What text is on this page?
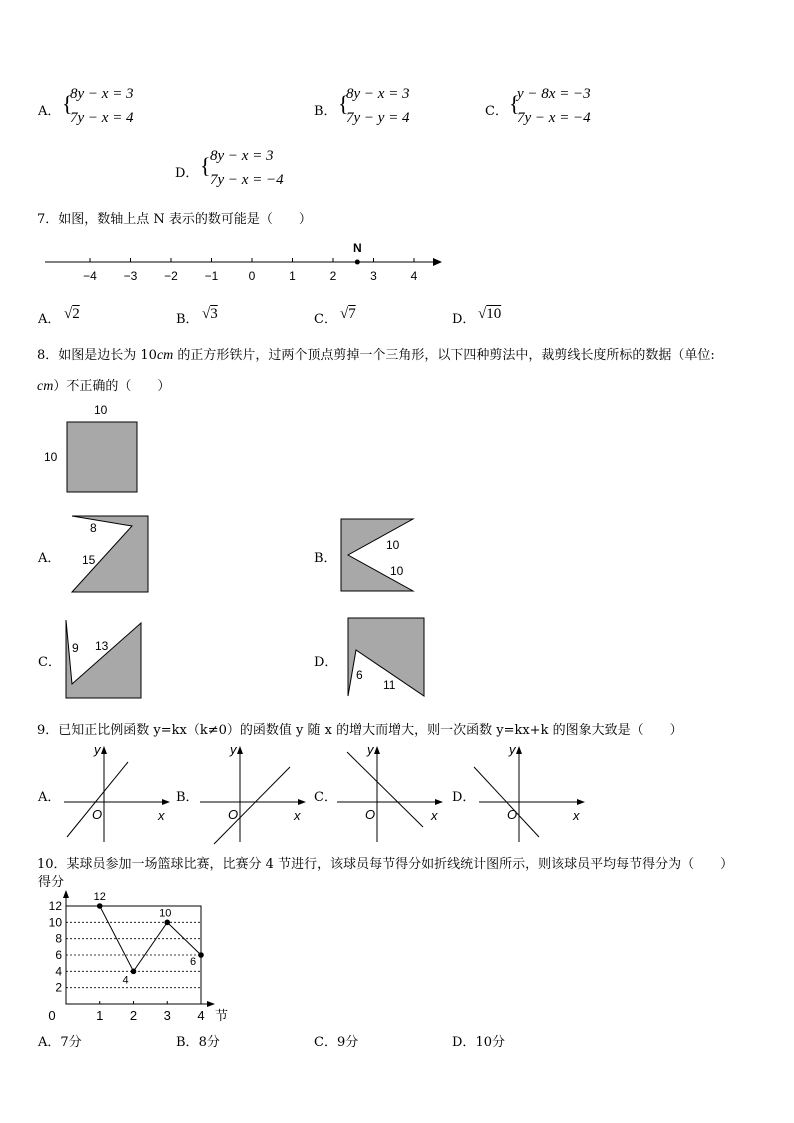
A． {
8y − x = 3
7y − x = 4	B． {
8y − x = 3
7y − y = 4	C． {
y − 8x = −3
7y − x = −4
D． { 8y − x = 3
7y − x = −4
7．如图，数轴上点 N 表示的数可能是（　　）
−4 −3 −2 −1	0	1	2	3	4
N
A． √2	B． √3	C． √7	D． √10
8．如图是边长为 10cm 的正方形铁片，过两个顶点剪掉一个三角形，以下四种剪法中，裁剪线长度所标的数据（单位:
cm）不正确的（　　）
10
10
A．
8
15	B．
10
10
C．
9 13
D．
6
11
9．已知正比例函数 y=kx（k≠0）的函数值 y 随 x 的增大而增大，则一次函数 y=kx+k 的图象大致是（　　）
A．
y
x
O
B．
y
x
O
C．
y
x
O
D．
y
x
O
10．某球员参加一场篮球比赛，比赛分 4 节进行，该球员每节得分如折线统计图所示，则该球员平均每节得分为（　　）
2
4
6
8
10
12
0	1 2 3 4
得分
节
12
4
10
6
A．7分	B．8分	C．9分	D．10分
